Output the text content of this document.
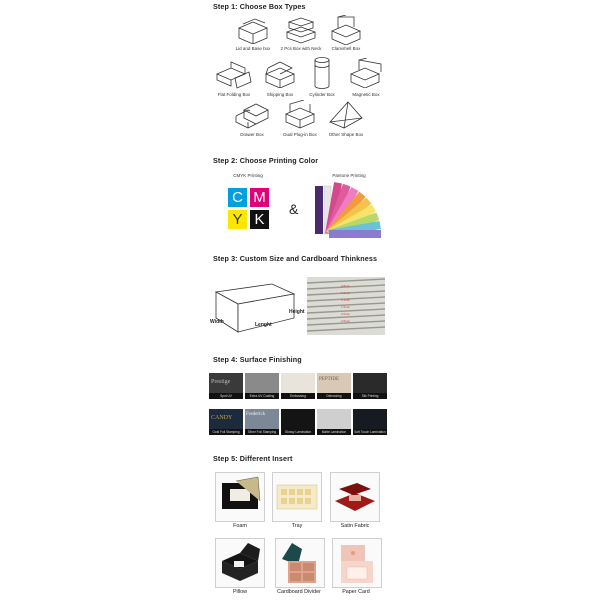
Step 1: Choose Box Types
Lid and Base box 2 Pcs Box with Neck Clamshell Box
Flat Folding Box	Shipping Box	Cylinder Box	Magnetic Box
Drawer Box	Dual Plug-in Box	Other Shape Box
Step 2: Choose Printing Color
CMYK Printing
C M
Y K
&
Pantone Printing
Step 3: Custom Size and Cardboard Thinkness
Width	Lenght
Height
0.8mm
1.0mm
1.2mm
1.5mm
2.0mm
2.5mm
Step 4: Surface Finishing
Prestige
Spot UV	Extra UV Coating	Embossing
PEPTIDE
Debossing	Silk Printing
CANDY
Gold Foil Stamping
Frederick
Silver Foil Stamping	Glossy Lamination	Matte Lamination	Soft Touch Lamination
Step 5: Different Insert
Foam	Tray	Satin Fabric
Pillow	Cardboard Divider	Paper Card
